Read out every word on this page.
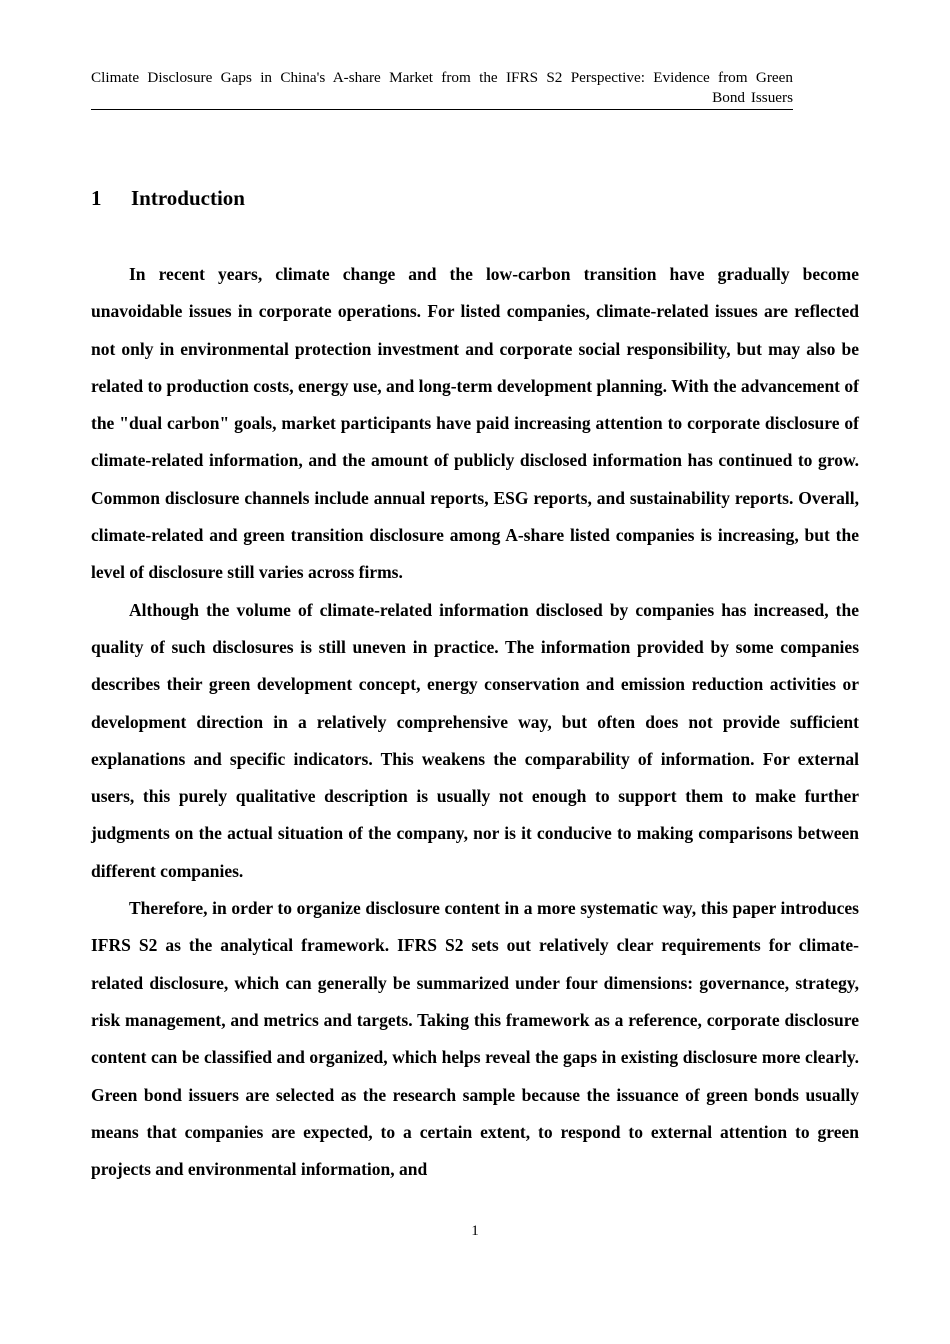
Climate Disclosure Gaps in China's A-share Market from the IFRS S2 Perspective: Evidence from Green Bond Issuers
1 Introduction

In recent years, climate change and the low-carbon transition have gradually become unavoidable issues in corporate operations. For listed companies, climate-related issues are reflected not only in environmental protection investment and corporate social responsibility, but may also be related to production costs, energy use, and long-term development planning. With the advancement of the "dual carbon" goals, market participants have paid increasing attention to corporate disclosure of climate-related information, and the amount of publicly disclosed information has continued to grow. Common disclosure channels include annual reports, ESG reports, and sustainability reports. Overall, climate-related and green transition disclosure among A-share listed companies is increasing, but the level of disclosure still varies across firms.

Although the volume of climate-related information disclosed by companies has increased, the quality of such disclosures is still uneven in practice. The information provided by some companies describes their green development concept, energy conservation and emission reduction activities or development direction in a relatively comprehensive way, but often does not provide sufficient explanations and specific indicators. This weakens the comparability of information. For external users, this purely qualitative description is usually not enough to support them to make further judgments on the actual situation of the company, nor is it conducive to making comparisons between different companies.

Therefore, in order to organize disclosure content in a more systematic way, this paper introduces IFRS S2 as the analytical framework. IFRS S2 sets out relatively clear requirements for climate-related disclosure, which can generally be summarized under four dimensions: governance, strategy, risk management, and metrics and targets. Taking this framework as a reference, corporate disclosure content can be classified and organized, which helps reveal the gaps in existing disclosure more clearly. Green bond issuers are selected as the research sample because the issuance of green bonds usually means that companies are expected, to a certain extent, to respond to external attention to green projects and environmental information, and

1
